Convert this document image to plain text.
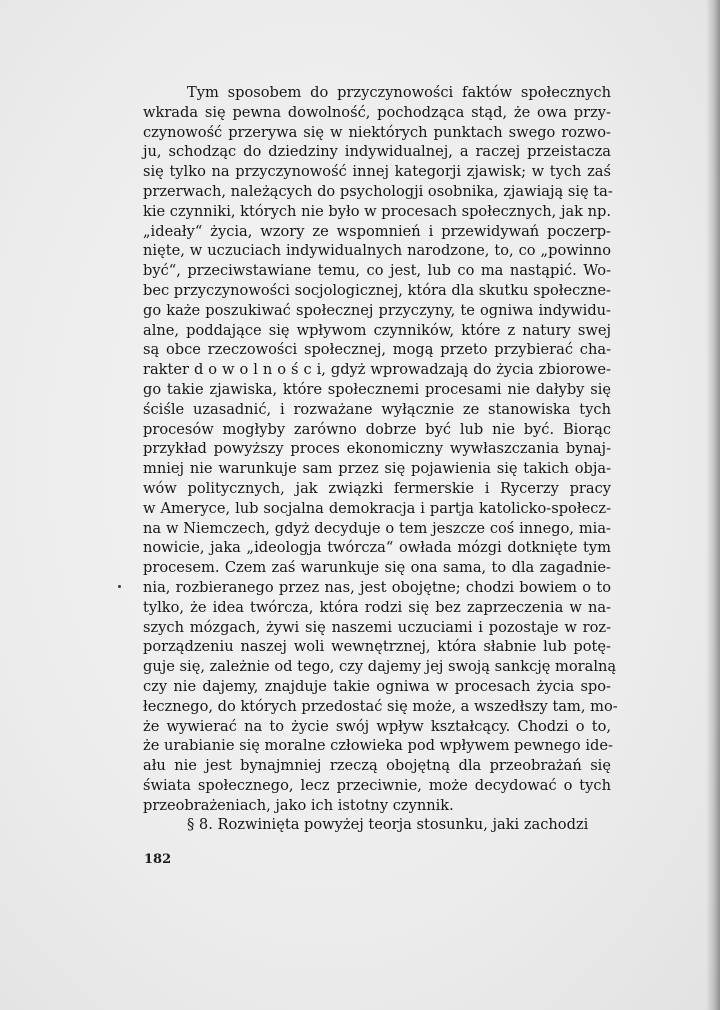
Tym sposobem do przyczynowości faktów społecznych
wkrada się pewna dowolność, pochodząca stąd, że owa przy-
czynowość przerywa się w niektórych punktach swego rozwo-
ju, schodząc do dziedziny indywidualnej, a raczej przeistacza
się tylko na przyczynowość innej kategorji zjawisk; w tych zaś
przerwach, należących do psychologji osobnika, zjawiają się ta-
kie czynniki, których nie było w procesach społecznych, jak np.
„ideały“ życia, wzory ze wspomnień i przewidywań poczerp-
nięte, w uczuciach indywidualnych narodzone, to, co „powinno
być“, przeciwstawiane temu, co jest, lub co ma nastąpić. Wo-
bec przyczynowości socjologicznej, która dla skutku społeczne-
go każe poszukiwać społecznej przyczyny, te ogniwa indywidu-
alne, poddające się wpływom czynników, które z natury swej
są obce rzeczowości społecznej, mogą przeto przybierać cha-
rakter d o w o l n o ś c i, gdyż wprowadzają do życia zbiorowe-
go takie zjawiska, które społecznemi procesami nie dałyby się
ściśle uzasadnić, i rozważane wyłącznie ze stanowiska tych
procesów mogłyby zarówno dobrze być lub nie być. Biorąc
przykład powyższy proces ekonomiczny wywłaszczania bynaj-
mniej nie warunkuje sam przez się pojawienia się takich obja-
wów politycznych, jak związki fermerskie i Rycerzy pracy
w Ameryce, lub socjalna demokracja i partja katolicko-społecz-
na w Niemczech, gdyż decyduje o tem jeszcze coś innego, mia-
nowicie, jaka „ideologja twórcza“ owłada mózgi dotknięte tym
procesem. Czem zaś warunkuje się ona sama, to dla zagadnie-
nia, rozbieranego przez nas, jest obojętne; chodzi bowiem o to
tylko, że idea twórcza, która rodzi się bez zaprzeczenia w na-
szych mózgach, żywi się naszemi uczuciami i pozostaje w roz-
porządzeniu naszej woli wewnętrznej, która słabnie lub potę-
guje się, zależnie od tego, czy dajemy jej swoją sankcję moralną
czy nie dajemy, znajduje takie ogniwa w procesach życia spo-
łecznego, do których przedostać się może, a wszedłszy tam, mo-
że wywierać na to życie swój wpływ kształcący. Chodzi o to,
że urabianie się moralne człowieka pod wpływem pewnego ide-
ału nie jest bynajmniej rzeczą obojętną dla przeobrażań się
świata społecznego, lecz przeciwnie, może decydować o tych
przeobrażeniach, jako ich istotny czynnik.
§ 8. Rozwinięta powyżej teorja stosunku, jaki zachodzi
182
